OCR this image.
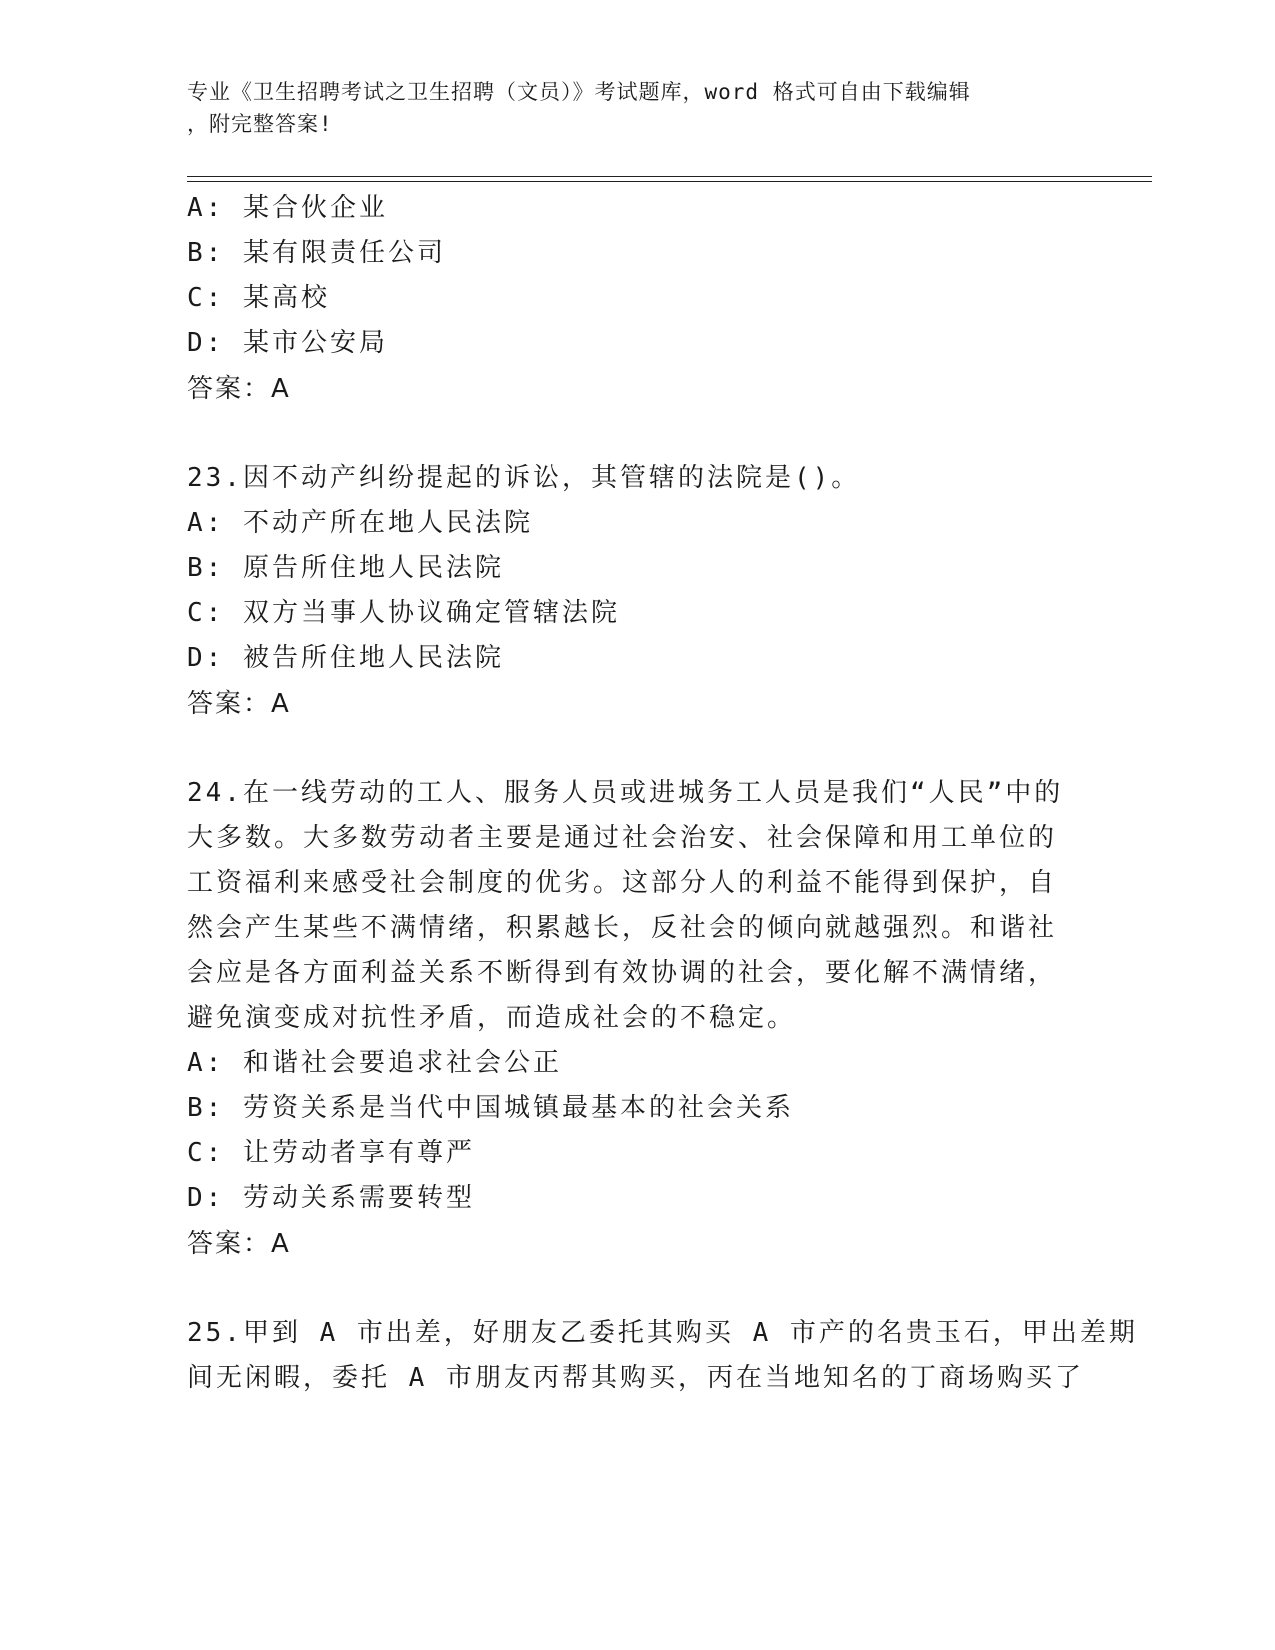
专业《卫生招聘考试之卫生招聘（文员）》考试题库，word 格式可自由下载编辑
，附完整答案!
A: 某合伙企业
B: 某有限责任公司
C: 某高校
D: 某市公安局
答案：A
23.因不动产纠纷提起的诉讼，其管辖的法院是()。
A: 不动产所在地人民法院
B: 原告所住地人民法院
C: 双方当事人协议确定管辖法院
D: 被告所住地人民法院
答案：A
24.在一线劳动的工人、服务人员或进城务工人员是我们“人民”中的
大多数。大多数劳动者主要是通过社会治安、社会保障和用工单位的
工资福利来感受社会制度的优劣。这部分人的利益不能得到保护，自
然会产生某些不满情绪，积累越长，反社会的倾向就越强烈。和谐社
会应是各方面利益关系不断得到有效协调的社会，要化解不满情绪，
避免演变成对抗性矛盾，而造成社会的不稳定。
A: 和谐社会要追求社会公正
B: 劳资关系是当代中国城镇最基本的社会关系
C: 让劳动者享有尊严
D: 劳动关系需要转型
答案：A
25.甲到 A 市出差，好朋友乙委托其购买 A 市产的名贵玉石，甲出差期
间无闲暇，委托 A 市朋友丙帮其购买，丙在当地知名的丁商场购买了
